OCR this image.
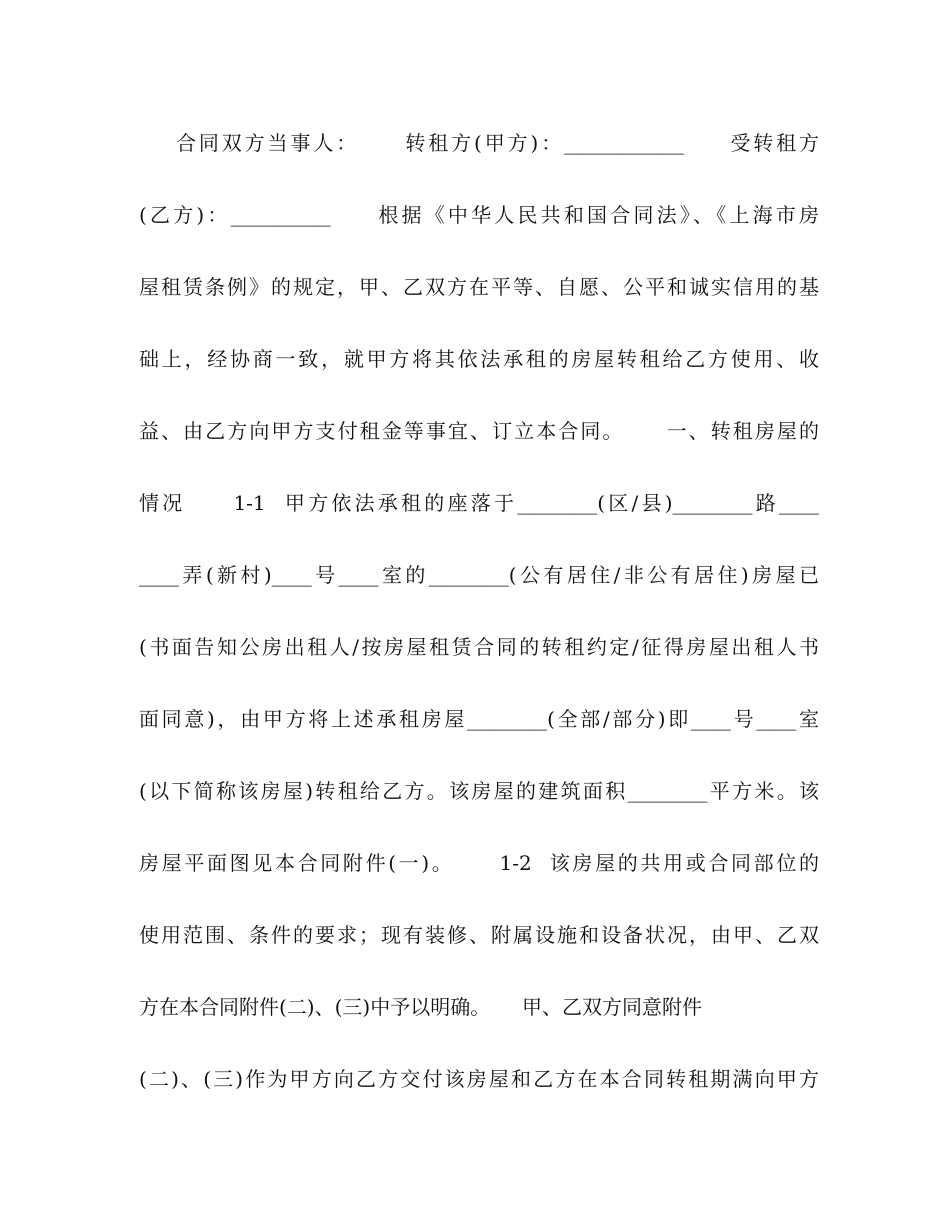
合同双方当事人：     转租方(甲方)：____________     受转租方
(乙方)：__________     根据《中华人民共和国合同法》、《上海市房
屋租赁条例》的规定，甲、乙双方在平等、自愿、公平和诚实信用的基
础上，经协商一致，就甲方将其依法承租的房屋转租给乙方使用、收
益、由乙方向甲方支付租金等事宜、订立本合同。     一、转租房屋的
情况     1-1  甲方依法承租的座落于________(区/县)________路____
____弄(新村)____号____室的________(公有居住/非公有居住)房屋已
(书面告知公房出租人/按房屋租赁合同的转租约定/征得房屋出租人书
面同意)，由甲方将上述承租房屋________(全部/部分)即____号____室
(以下简称该房屋)转租给乙方。该房屋的建筑面积________平方米。该
房屋平面图见本合同附件(一)。     1-2  该房屋的共用或合同部位的
使用范围、条件的要求；现有装修、附属设施和设备状况，由甲、乙双
方在本合同附件(二)、(三)中予以明确。     甲、乙双方同意附件
(二)、(三)作为甲方向乙方交付该房屋和乙方在本合同转租期满向甲方
